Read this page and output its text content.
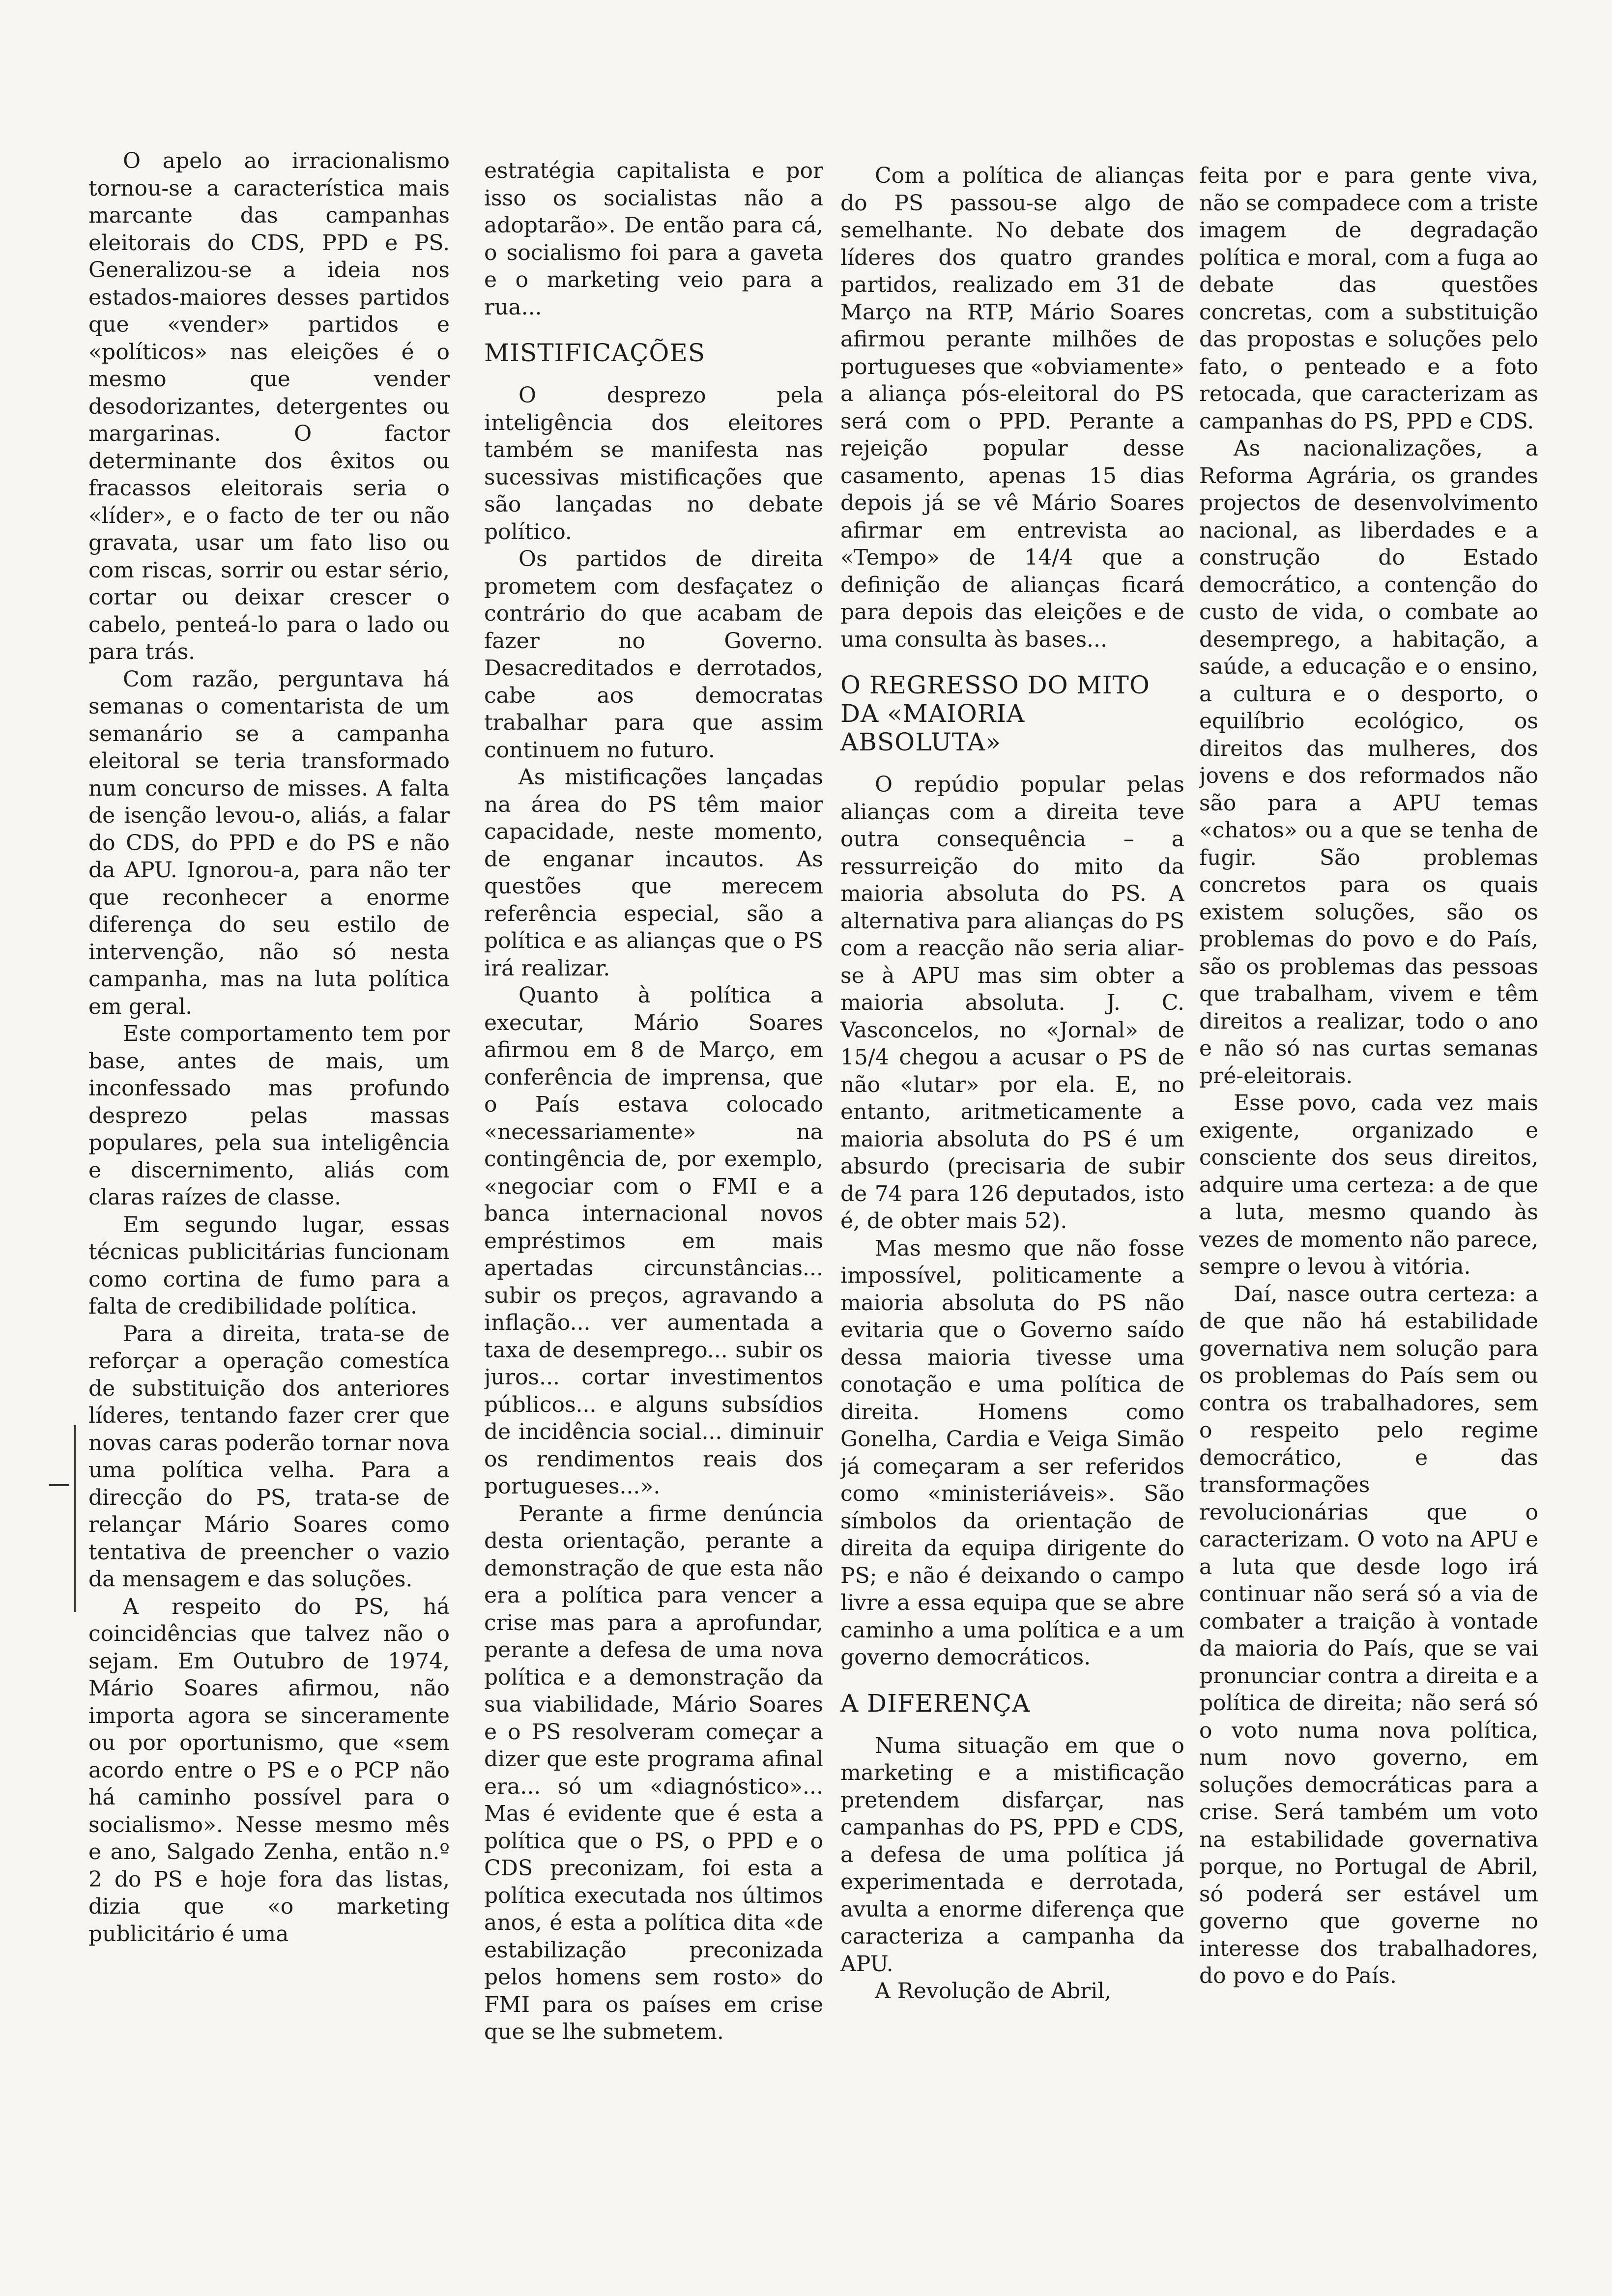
O apelo ao irracionalismo tornou-se a característica mais marcante das campanhas eleitorais do CDS, PPD e PS. Generalizou-se a ideia nos estados-maiores desses partidos que «vender» partidos e «políticos» nas eleições é o mesmo que vender desodorizantes, detergentes ou margarinas. O factor determinante dos êxitos ou fracassos eleitorais seria o «líder», e o facto de ter ou não gravata, usar um fato liso ou com riscas, sorrir ou estar sério, cortar ou deixar crescer o cabelo, penteá-lo para o lado ou para trás.

Com razão, perguntava há semanas o comentarista de um semanário se a campanha eleitoral se teria transformado num concurso de misses. A falta de isenção levou-o, aliás, a falar do CDS, do PPD e do PS e não da APU. Ignorou-a, para não ter que reconhecer a enorme diferença do seu estilo de intervenção, não só nesta campanha, mas na luta política em geral.

Este comportamento tem por base, antes de mais, um inconfessado mas profundo desprezo pelas massas populares, pela sua inteligência e discernimento, aliás com claras raízes de classe.

Em segundo lugar, essas técnicas publicitárias funcionam como cortina de fumo para a falta de credibilidade política.

Para a direita, trata-se de reforçar a operação comestíca de substituição dos anteriores líderes, tentando fazer crer que novas caras poderão tornar nova uma política velha. Para a direcção do PS, trata-se de relançar Mário Soares como tentativa de preencher o vazio da mensagem e das soluções.

A respeito do PS, há coincidências que talvez não o sejam. Em Outubro de 1974, Mário Soares afirmou, não importa agora se sinceramente ou por oportunismo, que «sem acordo entre o PS e o PCP não há caminho possível para o socialismo». Nesse mesmo mês e ano, Salgado Zenha, então n.º 2 do PS e hoje fora das listas, dizia que «o marketing publicitário é uma

estratégia capitalista e por isso os socialistas não a adoptarão». De então para cá, o socialismo foi para a gaveta e o marketing veio para a rua...

MISTIFICAÇÕES

O desprezo pela inteligência dos eleitores também se manifesta nas sucessivas mistificações que são lançadas no debate político.

Os partidos de direita prometem com desfaçatez o contrário do que acabam de fazer no Governo. Desacreditados e derrotados, cabe aos democratas trabalhar para que assim continuem no futuro.

As mistificações lançadas na área do PS têm maior capacidade, neste momento, de enganar incautos. As questões que merecem referência especial, são a política e as alianças que o PS irá realizar.

Quanto à política a executar, Mário Soares afirmou em 8 de Março, em conferência de imprensa, que o País estava colocado «necessariamente» na contingência de, por exemplo, «negociar com o FMI e a banca internacional novos empréstimos em mais apertadas circunstâncias... subir os preços, agravando a inflação... ver aumentada a taxa de desemprego... subir os juros... cortar investimentos públicos... e alguns subsídios de incidência social... diminuir os rendimentos reais dos portugueses...».

Perante a firme denúncia desta orientação, perante a demonstração de que esta não era a política para vencer a crise mas para a aprofundar, perante a defesa de uma nova política e a demonstração da sua viabilidade, Mário Soares e o PS resolveram começar a dizer que este programa afinal era... só um «diagnóstico»... Mas é evidente que é esta a política que o PS, o PPD e o CDS preconizam, foi esta a política executada nos últimos anos, é esta a política dita «de estabilização preconizada pelos homens sem rosto» do FMI para os países em crise que se lhe submetem.

Com a política de alianças do PS passou-se algo de semelhante. No debate dos líderes dos quatro grandes partidos, realizado em 31 de Março na RTP, Mário Soares afirmou perante milhões de portugueses que «obviamente» a aliança pós-eleitoral do PS será com o PPD. Perante a rejeição popular desse casamento, apenas 15 dias depois já se vê Mário Soares afirmar em entrevista ao «Tempo» de 14/4 que a definição de alianças ficará para depois das eleições e de uma consulta às bases...

O REGRESSO DO MITO DA «MAIORIA ABSOLUTA»

O repúdio popular pelas alianças com a direita teve outra consequência – a ressurreição do mito da maioria absoluta do PS. A alternativa para alianças do PS com a reacção não seria aliar-se à APU mas sim obter a maioria absoluta. J. C. Vasconcelos, no «Jornal» de 15/4 chegou a acusar o PS de não «lutar» por ela. E, no entanto, aritmeticamente a maioria absoluta do PS é um absurdo (precisaria de subir de 74 para 126 deputados, isto é, de obter mais 52).

Mas mesmo que não fosse impossível, politicamente a maioria absoluta do PS não evitaria que o Governo saído dessa maioria tivesse uma conotação e uma política de direita. Homens como Gonelha, Cardia e Veiga Simão já começaram a ser referidos como «ministeriáveis». São símbolos da orientação de direita da equipa dirigente do PS; e não é deixando o campo livre a essa equipa que se abre caminho a uma política e a um governo democráticos.

A DIFERENÇA

Numa situação em que o marketing e a mistificação pretendem disfarçar, nas campanhas do PS, PPD e CDS, a defesa de uma política já experimentada e derrotada, avulta a enorme diferença que caracteriza a campanha da APU.

A Revolução de Abril,

feita por e para gente viva, não se compadece com a triste imagem de degradação política e moral, com a fuga ao debate das questões concretas, com a substituição das propostas e soluções pelo fato, o penteado e a foto retocada, que caracterizam as campanhas do PS, PPD e CDS.

As nacionalizações, a Reforma Agrária, os grandes projectos de desenvolvimento nacional, as liberdades e a construção do Estado democrático, a contenção do custo de vida, o combate ao desemprego, a habitação, a saúde, a educação e o ensino, a cultura e o desporto, o equilíbrio ecológico, os direitos das mulheres, dos jovens e dos reformados não são para a APU temas «chatos» ou a que se tenha de fugir. São problemas concretos para os quais existem soluções, são os problemas do povo e do País, são os problemas das pessoas que trabalham, vivem e têm direitos a realizar, todo o ano e não só nas curtas semanas pré-eleitorais.

Esse povo, cada vez mais exigente, organizado e consciente dos seus direitos, adquire uma certeza: a de que a luta, mesmo quando às vezes de momento não parece, sempre o levou à vitória.

Daí, nasce outra certeza: a de que não há estabilidade governativa nem solução para os problemas do País sem ou contra os trabalhadores, sem o respeito pelo regime democrático, e das transformações revolucionárias que o caracterizam. O voto na APU e a luta que desde logo irá continuar não será só a via de combater a traição à vontade da maioria do País, que se vai pronunciar contra a direita e a política de direita; não será só o voto numa nova política, num novo governo, em soluções democráticas para a crise. Será também um voto na estabilidade governativa porque, no Portugal de Abril, só poderá ser estável um governo que governe no interesse dos trabalhadores, do povo e do País.
